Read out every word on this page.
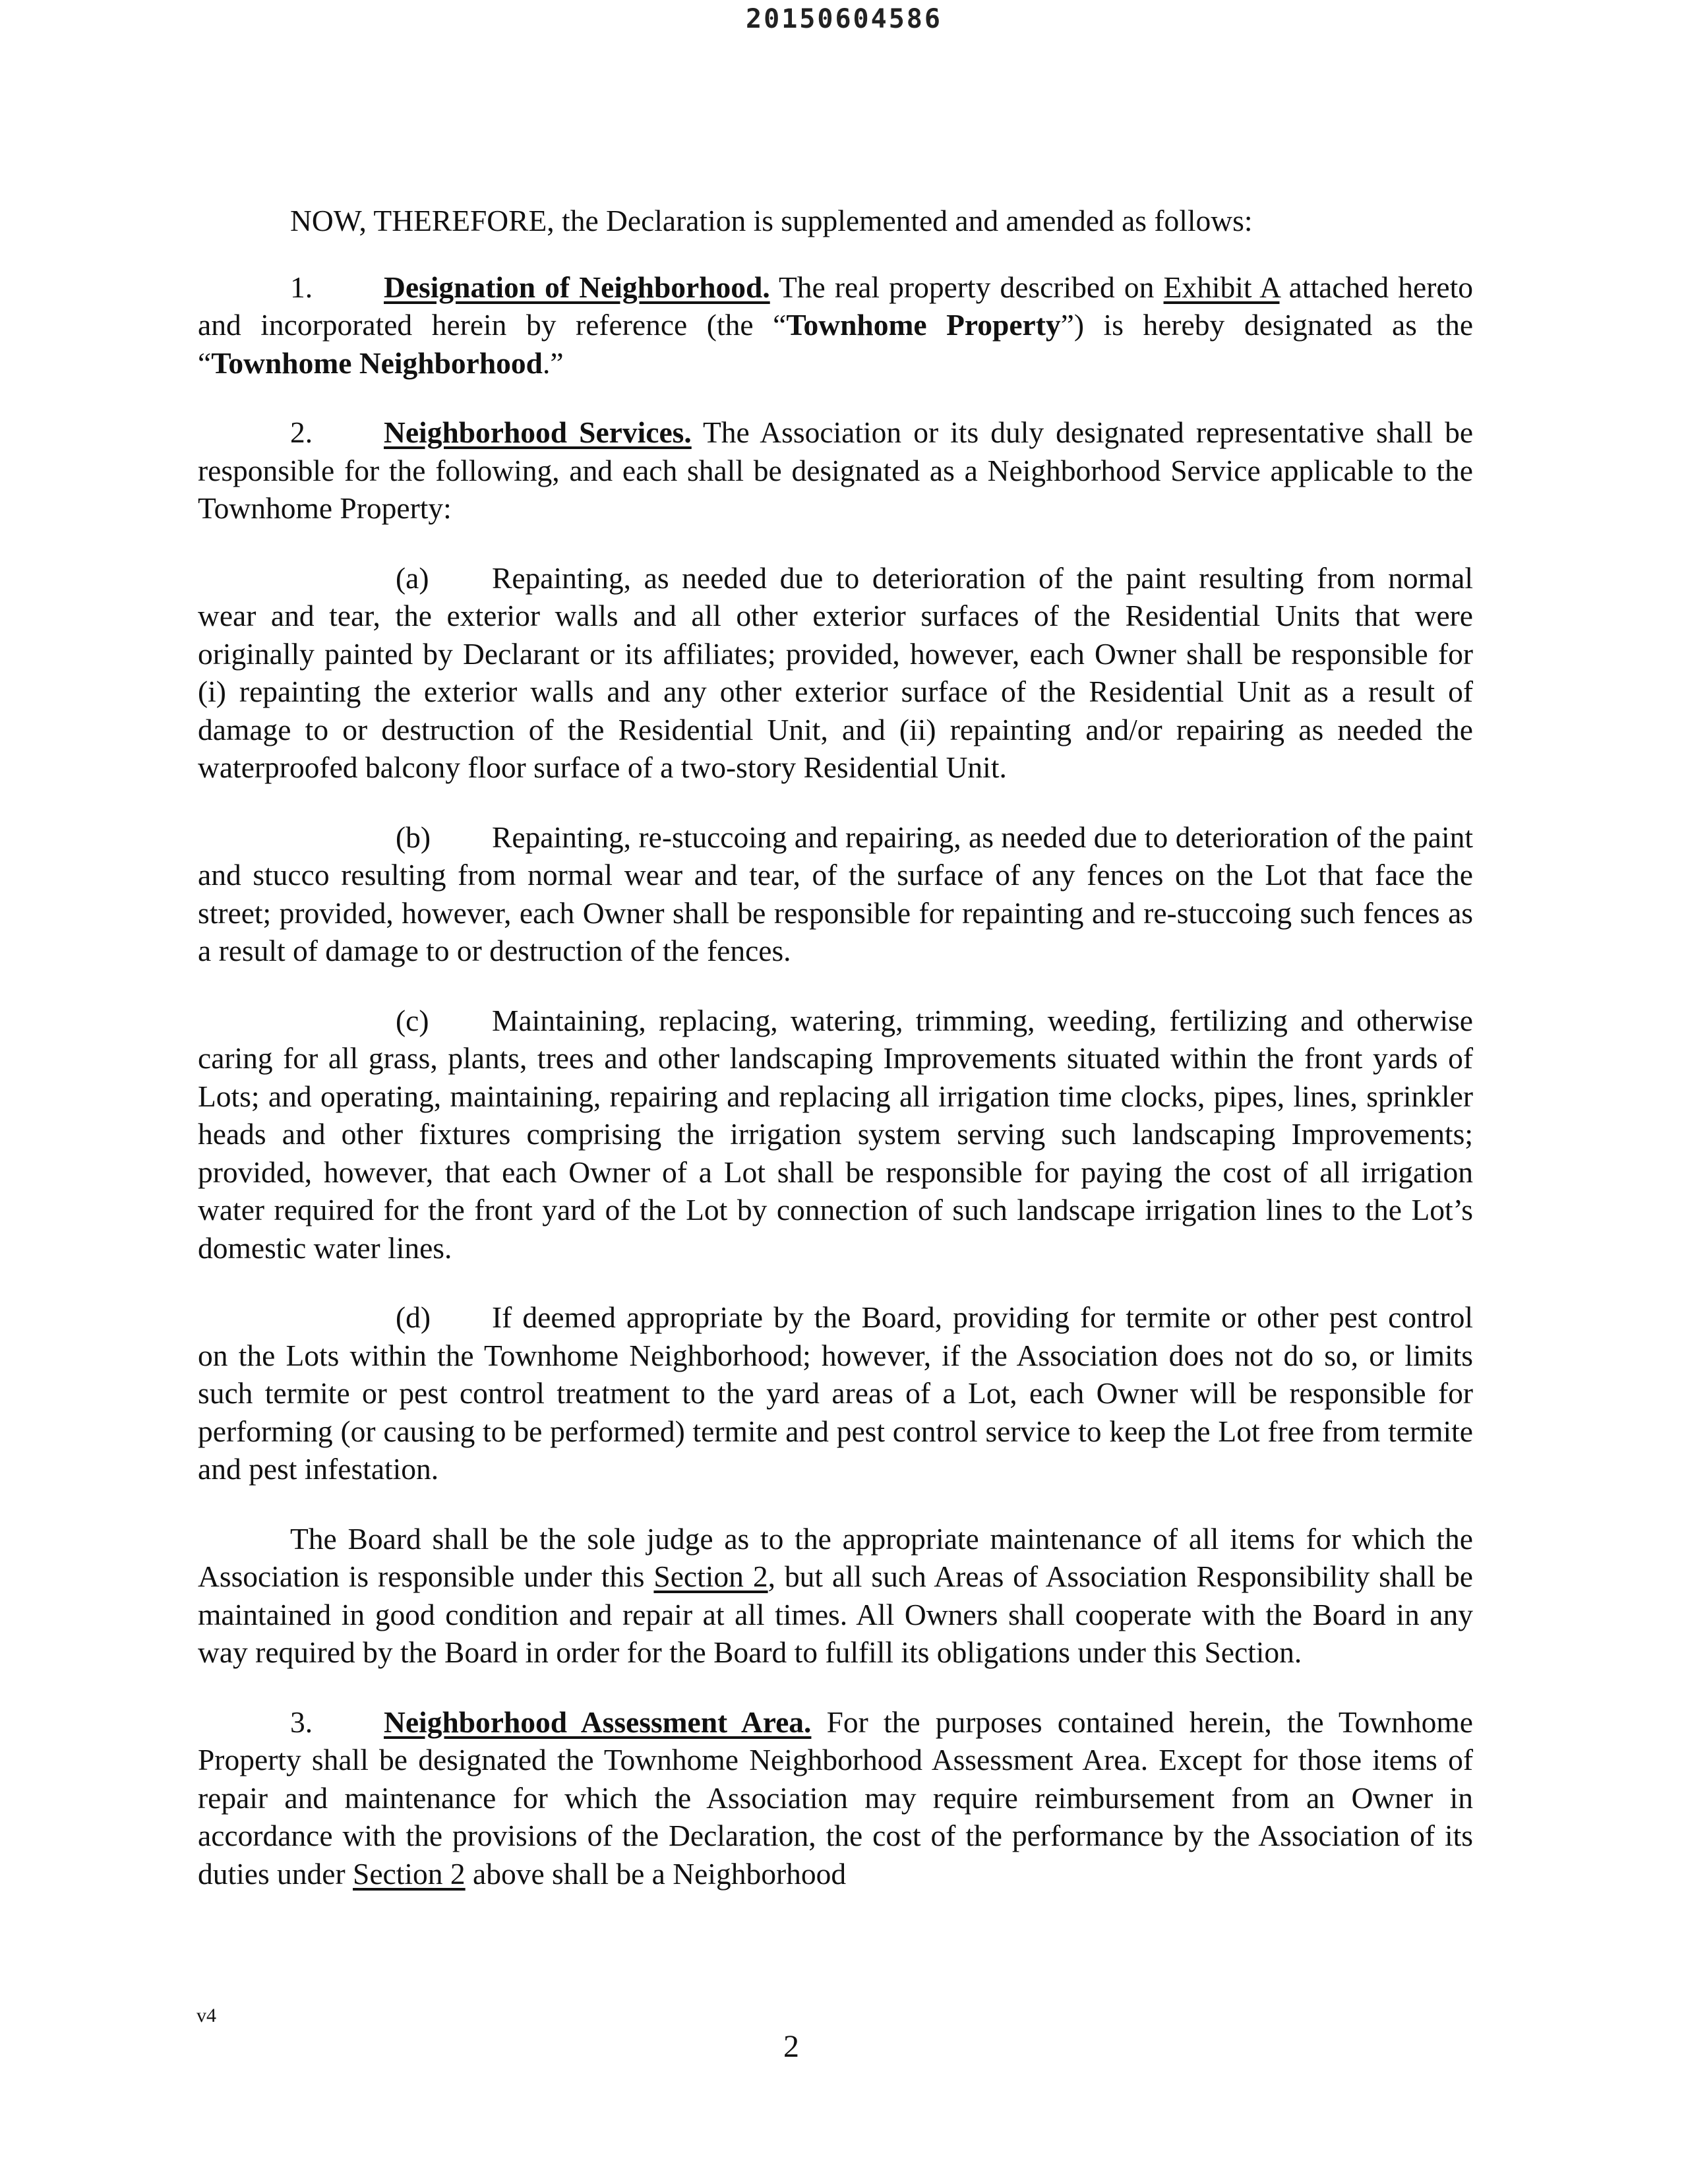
20150604586

NOW, THEREFORE, the Declaration is supplemented and amended as follows:

1. Designation of Neighborhood. The real property described on Exhibit A attached hereto and incorporated herein by reference (the “Townhome Property”) is hereby designated as the “Townhome Neighborhood.”

2. Neighborhood Services. The Association or its duly designated representative shall be responsible for the following, and each shall be designated as a Neighborhood Service applicable to the Townhome Property:

(a) Repainting, as needed due to deterioration of the paint resulting from normal wear and tear, the exterior walls and all other exterior surfaces of the Residential Units that were originally painted by Declarant or its affiliates; provided, however, each Owner shall be responsible for (i) repainting the exterior walls and any other exterior surface of the Residential Unit as a result of damage to or destruction of the Residential Unit, and (ii) repainting and/or repairing as needed the waterproofed balcony floor surface of a two-story Residential Unit.

(b) Repainting, re-stuccoing and repairing, as needed due to deterioration of the paint and stucco resulting from normal wear and tear, of the surface of any fences on the Lot that face the street; provided, however, each Owner shall be responsible for repainting and re-stuccoing such fences as a result of damage to or destruction of the fences.

(c) Maintaining, replacing, watering, trimming, weeding, fertilizing and otherwise caring for all grass, plants, trees and other landscaping Improvements situated within the front yards of Lots; and operating, maintaining, repairing and replacing all irrigation time clocks, pipes, lines, sprinkler heads and other fixtures comprising the irrigation system serving such landscaping Improvements; provided, however, that each Owner of a Lot shall be responsible for paying the cost of all irrigation water required for the front yard of the Lot by connection of such landscape irrigation lines to the Lot’s domestic water lines.

(d) If deemed appropriate by the Board, providing for termite or other pest control on the Lots within the Townhome Neighborhood; however, if the Association does not do so, or limits such termite or pest control treatment to the yard areas of a Lot, each Owner will be responsible for performing (or causing to be performed) termite and pest control service to keep the Lot free from termite and pest infestation.

The Board shall be the sole judge as to the appropriate maintenance of all items for which the Association is responsible under this Section 2, but all such Areas of Association Responsibility shall be maintained in good condition and repair at all times. All Owners shall cooperate with the Board in any way required by the Board in order for the Board to fulfill its obligations under this Section.

3. Neighborhood Assessment Area. For the purposes contained herein, the Townhome Property shall be designated the Townhome Neighborhood Assessment Area. Except for those items of repair and maintenance for which the Association may require reimbursement from an Owner in accordance with the provisions of the Declaration, the cost of the performance by the Association of its duties under Section 2 above shall be a Neighborhood

v4
2
